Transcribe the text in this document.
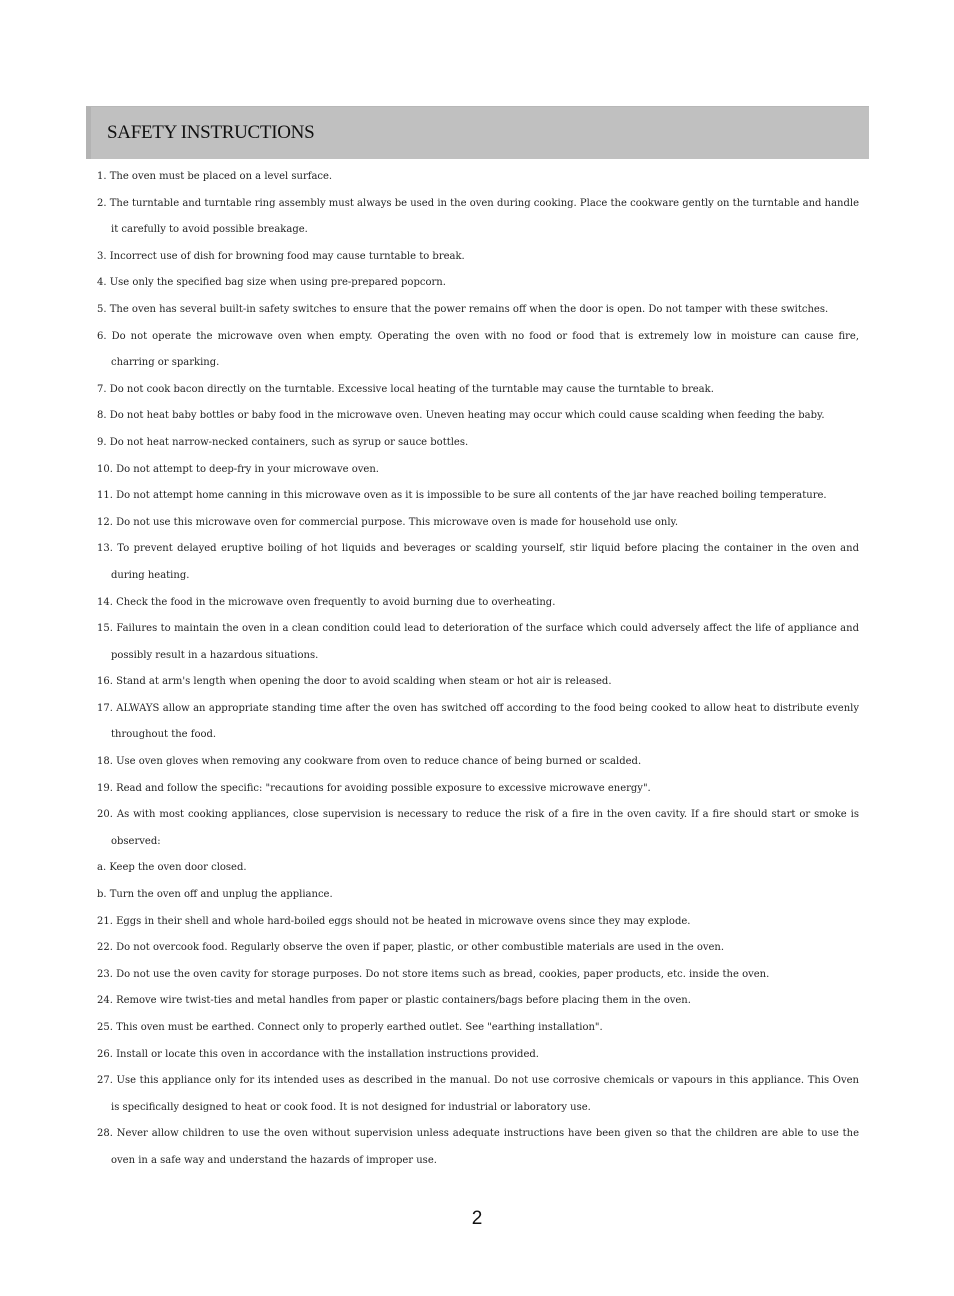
SAFETY INSTRUCTIONS
1. The oven must be placed on a level surface.
2. The turntable and turntable ring assembly must always be used in the oven during cooking. Place the cookware gently on the turntable and handle it carefully to avoid possible breakage.
3. Incorrect use of dish for browning food may cause turntable to break.
4. Use only the specified bag size when using pre-prepared popcorn.
5. The oven has several built-in safety switches to ensure that the power remains off when the door is open. Do not tamper with these switches.
6. Do not operate the microwave oven when empty. Operating the oven with no food or food that is extremely low in moisture can cause fire, charring or sparking.
7. Do not cook bacon directly on the turntable. Excessive local heating of the turntable may cause the turntable to break.
8. Do not heat baby bottles or baby food in the microwave oven. Uneven heating may occur which could cause scalding when feeding the baby.
9. Do not heat narrow-necked containers, such as syrup or sauce bottles.
10. Do not attempt to deep-fry in your microwave oven.
11. Do not attempt home canning in this microwave oven as it is impossible to be sure all contents of the jar have reached boiling temperature.
12. Do not use this microwave oven for commercial purpose. This microwave oven is made for household use only.
13. To prevent delayed eruptive boiling of hot liquids and beverages or scalding yourself, stir liquid before placing the container in the oven and during heating.
14. Check the food in the microwave oven frequently to avoid burning due to overheating.
15. Failures to maintain the oven in a clean condition could lead to deterioration of the surface which could adversely affect the life of appliance and possibly result in a hazardous situations.
16. Stand at arm's length when opening the door to avoid scalding when steam or hot air is released.
17. ALWAYS allow an appropriate standing time after the oven has switched off according to the food being cooked to allow heat to distribute evenly throughout the food.
18. Use oven gloves when removing any cookware from oven to reduce chance of being burned or scalded.
19. Read and follow the specific: "recautions for avoiding possible exposure to excessive microwave energy".
20. As with most cooking appliances, close supervision is necessary to reduce the risk of a fire in the oven cavity. If a fire should start or smoke is observed:
a. Keep the oven door closed.
b. Turn the oven off and unplug the appliance.
21. Eggs in their shell and whole hard-boiled eggs should not be heated in microwave ovens since they may explode.
22. Do not overcook food. Regularly observe the oven if paper, plastic, or other combustible materials are used in the oven.
23. Do not use the oven cavity for storage purposes. Do not store items such as bread, cookies, paper products, etc. inside the oven.
24. Remove wire twist-ties and metal handles from paper or plastic containers/bags before placing them in the oven.
25. This oven must be earthed. Connect only to properly earthed outlet. See "earthing installation".
26. Install or locate this oven in accordance with the installation instructions provided.
27. Use this appliance only for its intended uses as described in the manual. Do not use corrosive chemicals or vapours in this appliance. This Oven is specifically designed to heat or cook food. It is not designed for industrial or laboratory use.
28. Never allow children to use the oven without supervision unless adequate instructions have been given so that the children are able to use the oven in a safe way and understand the hazards of improper use.
2
